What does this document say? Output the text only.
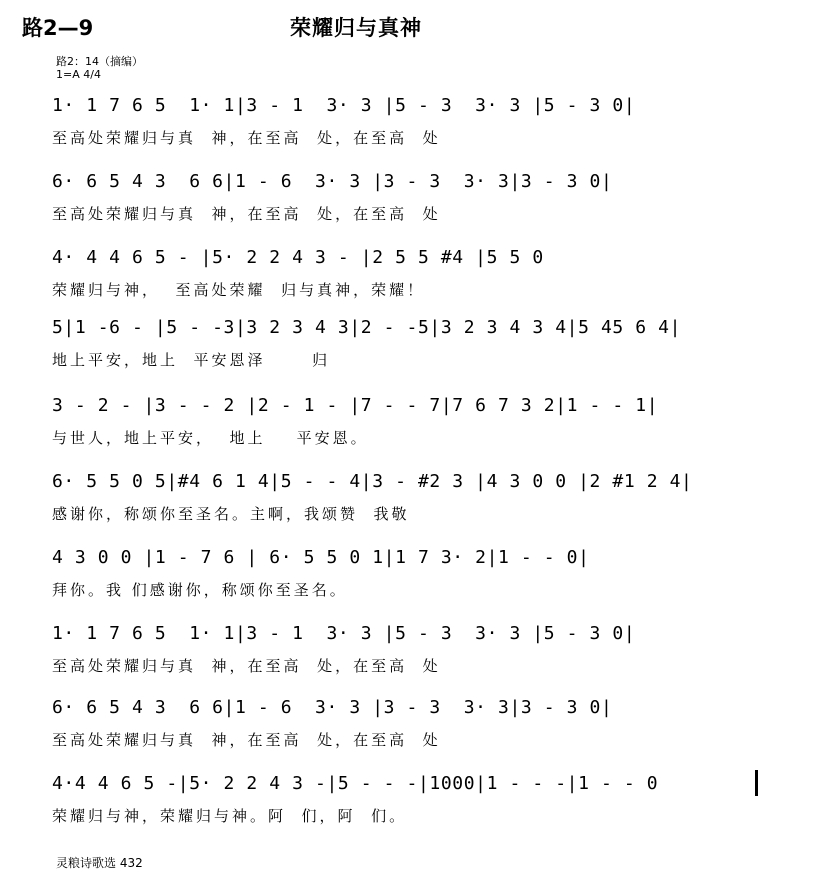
路2—9	荣耀归与真神
路2：14（摘编）
1=A 4/4
1· 1 7 6 5  1· 1|3 - 1  3· 3 |5 - 3  3· 3 |5 - 3 0|
至高处荣耀归与真  神，在至高  处，在至高  处
6· 6 5 4 3  6 6|1 - 6  3· 3 |3 - 3  3· 3|3 - 3 0|
至高处荣耀归与真  神，在至高  处，在至高  处
4· 4 4 6 5 - |5· 2 2 4 3 - |2 5 5 #4 |5 5 0
荣耀归与神，  至高处荣耀  归与真神，荣耀！
5|1 -6 - |5 - -3|3 2 3 4 3|2 - -5|3 2 3 4 3 4|5 45 6 4|
地上平安，地上  平安恩泽      归
3 - 2 - |3 - - 2 |2 - 1 - |7 - - 7|7 6 7 3 2|1 - - 1|
与世人，地上平安，  地上    平安恩。
6· 5 5 0 5|#4 6 1 4|5 - - 4|3 - #2 3 |4 3 0 0 |2 #1 2 4|
感谢你，称颂你至圣名。主啊，我颂赞  我敬
4 3 0 0 |1 - 7 6 | 6· 5 5 0 1|1 7 3· 2|1 - - 0|
拜你。我 们感谢你，称颂你至圣名。
1· 1 7 6 5  1· 1|3 - 1  3· 3 |5 - 3  3· 3 |5 - 3 0|
至高处荣耀归与真  神，在至高  处，在至高  处
6· 6 5 4 3  6 6|1 - 6  3· 3 |3 - 3  3· 3|3 - 3 0|
至高处荣耀归与真  神，在至高  处，在至高  处
4·4 4 6 5 -|5· 2 2 4 3 -|5 - - -|1000|1 - - -|1 - - 0
荣耀归与神，荣耀归与神。阿  们，阿  们。
灵粮诗歌选 432
